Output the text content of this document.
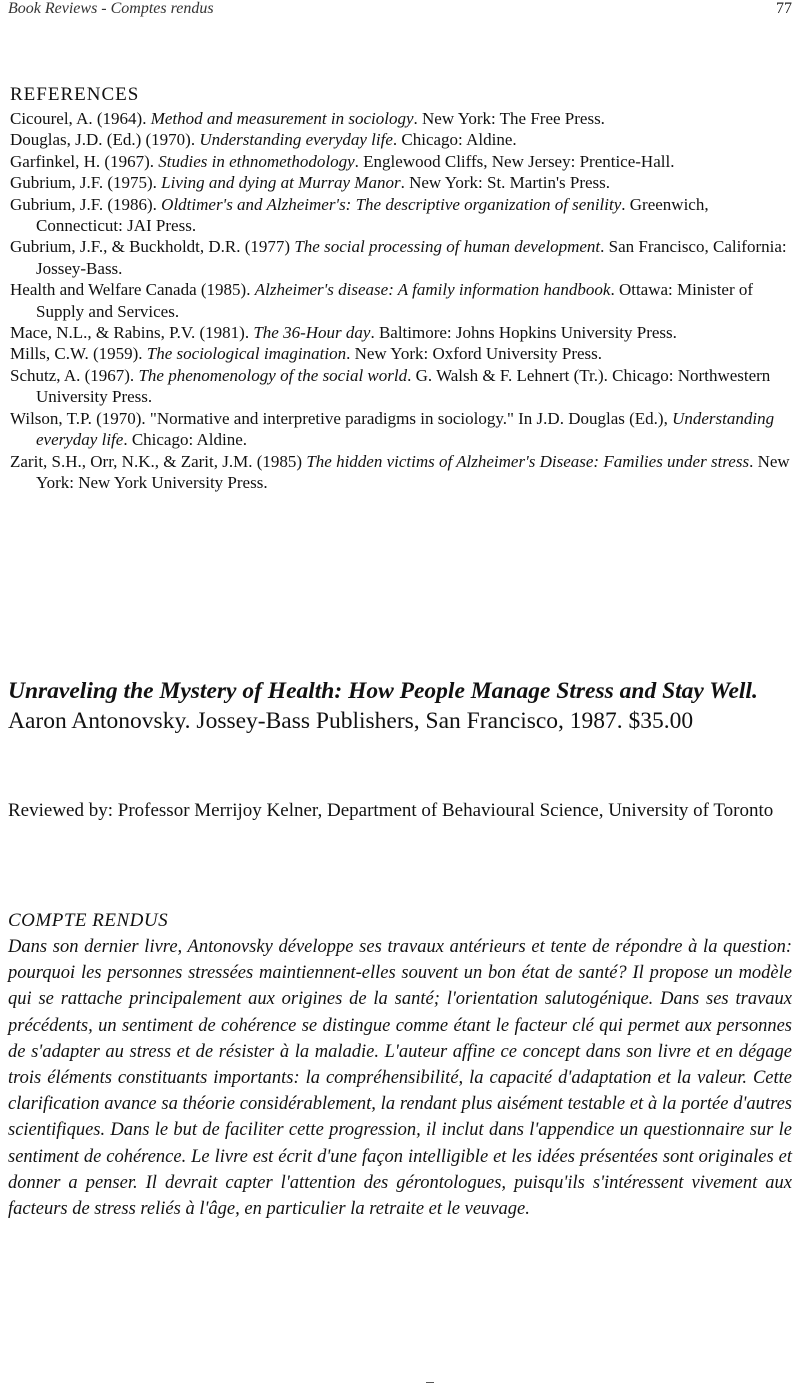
Book Reviews - Comptes rendus	77
REFERENCES

Cicourel, A. (1964). Method and measurement in sociology. New York: The Free Press.

Douglas, J.D. (Ed.) (1970). Understanding everyday life. Chicago: Aldine.

Garfinkel, H. (1967). Studies in ethnomethodology. Englewood Cliffs, New Jersey: Prentice-Hall.

Gubrium, J.F. (1975). Living and dying at Murray Manor. New York: St. Martin's Press.

Gubrium, J.F. (1986). Oldtimer's and Alzheimer's: The descriptive organization of senility. Greenwich, Connecticut: JAI Press.

Gubrium, J.F., & Buckholdt, D.R. (1977) The social processing of human development. San Francisco, California: Jossey-Bass.

Health and Welfare Canada (1985). Alzheimer's disease: A family information handbook. Ottawa: Minister of Supply and Services.

Mace, N.L., & Rabins, P.V. (1981). The 36-Hour day. Baltimore: Johns Hopkins University Press.

Mills, C.W. (1959). The sociological imagination. New York: Oxford University Press.

Schutz, A. (1967). The phenomenology of the social world. G. Walsh & F. Lehnert (Tr.). Chicago: Northwestern University Press.

Wilson, T.P. (1970). "Normative and interpretive paradigms in sociology." In J.D. Douglas (Ed.), Understanding everyday life. Chicago: Aldine.

Zarit, S.H., Orr, N.K., & Zarit, J.M. (1985) The hidden victims of Alzheimer's Disease: Families under stress. New York: New York University Press.

Unraveling the Mystery of Health: How People Manage Stress and Stay Well. Aaron Antonovsky. Jossey-Bass Publishers, San Francisco, 1987. $35.00

Reviewed by: Professor Merrijoy Kelner, Department of Behavioural Science, University of Toronto

COMPTE RENDUS

Dans son dernier livre, Antonovsky développe ses travaux antérieurs et tente de répondre à la question: pourquoi les personnes stressées maintiennent-elles souvent un bon état de santé? Il propose un modèle qui se rattache principalement aux origines de la santé; l'orientation salutogénique. Dans ses travaux précédents, un sentiment de cohérence se distingue comme étant le facteur clé qui permet aux personnes de s'adapter au stress et de résister à la maladie. L'auteur affine ce concept dans son livre et en dégage trois éléments constituants importants: la compréhensibilité, la capacité d'adaptation et la valeur. Cette clarification avance sa théorie considérablement, la rendant plus aisément testable et à la portée d'autres scientifiques. Dans le but de faciliter cette progression, il inclut dans l'appendice un questionnaire sur le sentiment de cohérence. Le livre est écrit d'une façon intelligible et les idées présentées sont originales et donner a penser. Il devrait capter l'attention des gérontologues, puisqu'ils s'intéressent vivement aux facteurs de stress reliés à l'âge, en particulier la retraite et le veuvage.
